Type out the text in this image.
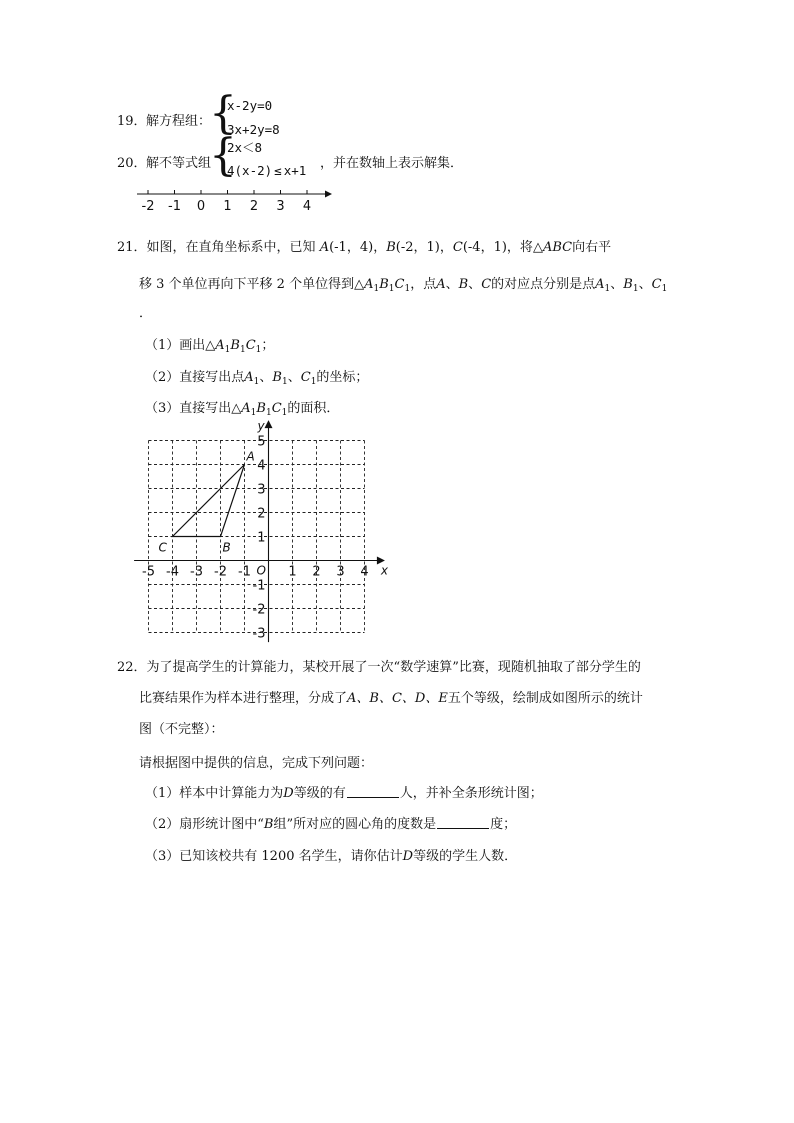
19． 解方程组：
{
x-2y=0
3x+2y=8
20． 解不等式组
{
2x＜8
4(x-2) ≤ x+1 ，并在数轴上表示解集．
-2 -1 0 1 2 3 4
21．如图，在直角坐标系中，已知 A(-1，4)，B(-2，1)，C(-4，1)，将△ABC向右平
移 3 个单位再向下平移 2 个单位得到$\triangle A_1B_1C_1$，点A、B、C的对应点分别是点$A_1$、$B_1$、$C_1$
．
（1）画出$\triangle A_1B_1C_1$；
（2）直接写出点$A_1$、$B_1$、$C_1$的坐标；
（3）直接写出$\triangle A_1B_1C_1$的面积．
x
y
O
-5 -4 -3 -2 -1	1 2 3 4
5
4
3
2
1
-1
-2
-3
A
B
C
22．为了提高学生的计算能力，某校开展了一次“数学速算”比赛，现随机抽取了部分学生的
比赛结果作为样本进行整理，分成了A、B、C、D、E五个等级，绘制成如图所示的统计
图（不完整）：
请根据图中提供的信息，完成下列问题：
（1）样本中计算能力为D等级的有	人，并补全条形统计图；
（2）扇形统计图中“B组”所对应的圆心角的度数是	度；
（3）已知该校共有 1200 名学生，请你估计D等级的学生人数．
